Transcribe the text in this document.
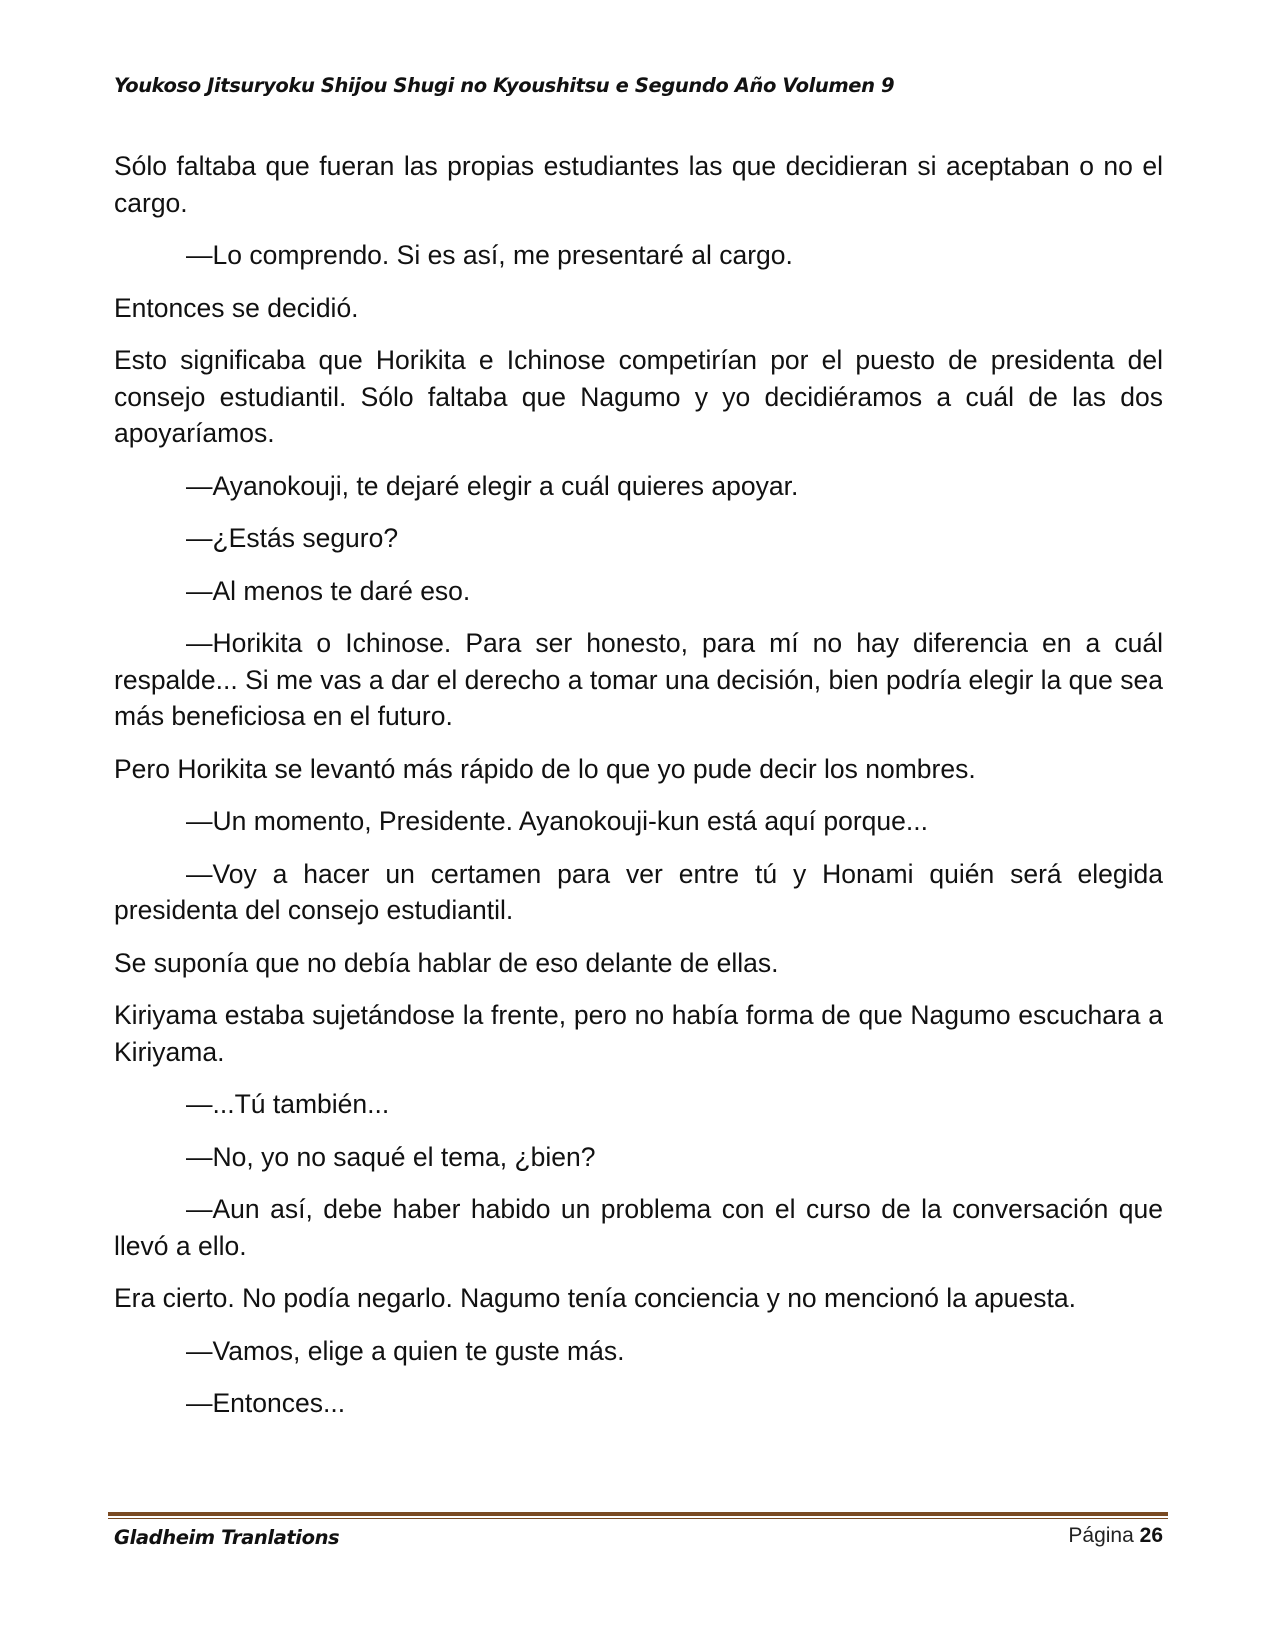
Youkoso Jitsuryoku Shijou Shugi no Kyoushitsu e Segundo Año Volumen 9

Sólo faltaba que fueran las propias estudiantes las que decidieran si aceptaban o no el cargo.

—Lo comprendo. Si es así, me presentaré al cargo.

Entonces se decidió.

Esto significaba que Horikita e Ichinose competirían por el puesto de presidenta del consejo estudiantil. Sólo faltaba que Nagumo y yo decidiéramos a cuál de las dos apoyaríamos.

—Ayanokouji, te dejaré elegir a cuál quieres apoyar.

—¿Estás seguro?

—Al menos te daré eso.

—Horikita o Ichinose. Para ser honesto, para mí no hay diferencia en a cuál respalde... Si me vas a dar el derecho a tomar una decisión, bien podría elegir la que sea más beneficiosa en el futuro.

Pero Horikita se levantó más rápido de lo que yo pude decir los nombres.

—Un momento, Presidente. Ayanokouji-kun está aquí porque...

—Voy a hacer un certamen para ver entre tú y Honami quién será elegida presidenta del consejo estudiantil.

Se suponía que no debía hablar de eso delante de ellas.

Kiriyama estaba sujetándose la frente, pero no había forma de que Nagumo escuchara a Kiriyama.

—...Tú también...

—No, yo no saqué el tema, ¿bien?

—Aun así, debe haber habido un problema con el curso de la conversación que llevó a ello.

Era cierto. No podía negarlo. Nagumo tenía conciencia y no mencionó la apuesta.

—Vamos, elige a quien te guste más.

—Entonces...

Gladheim Tranlations	Página 26
